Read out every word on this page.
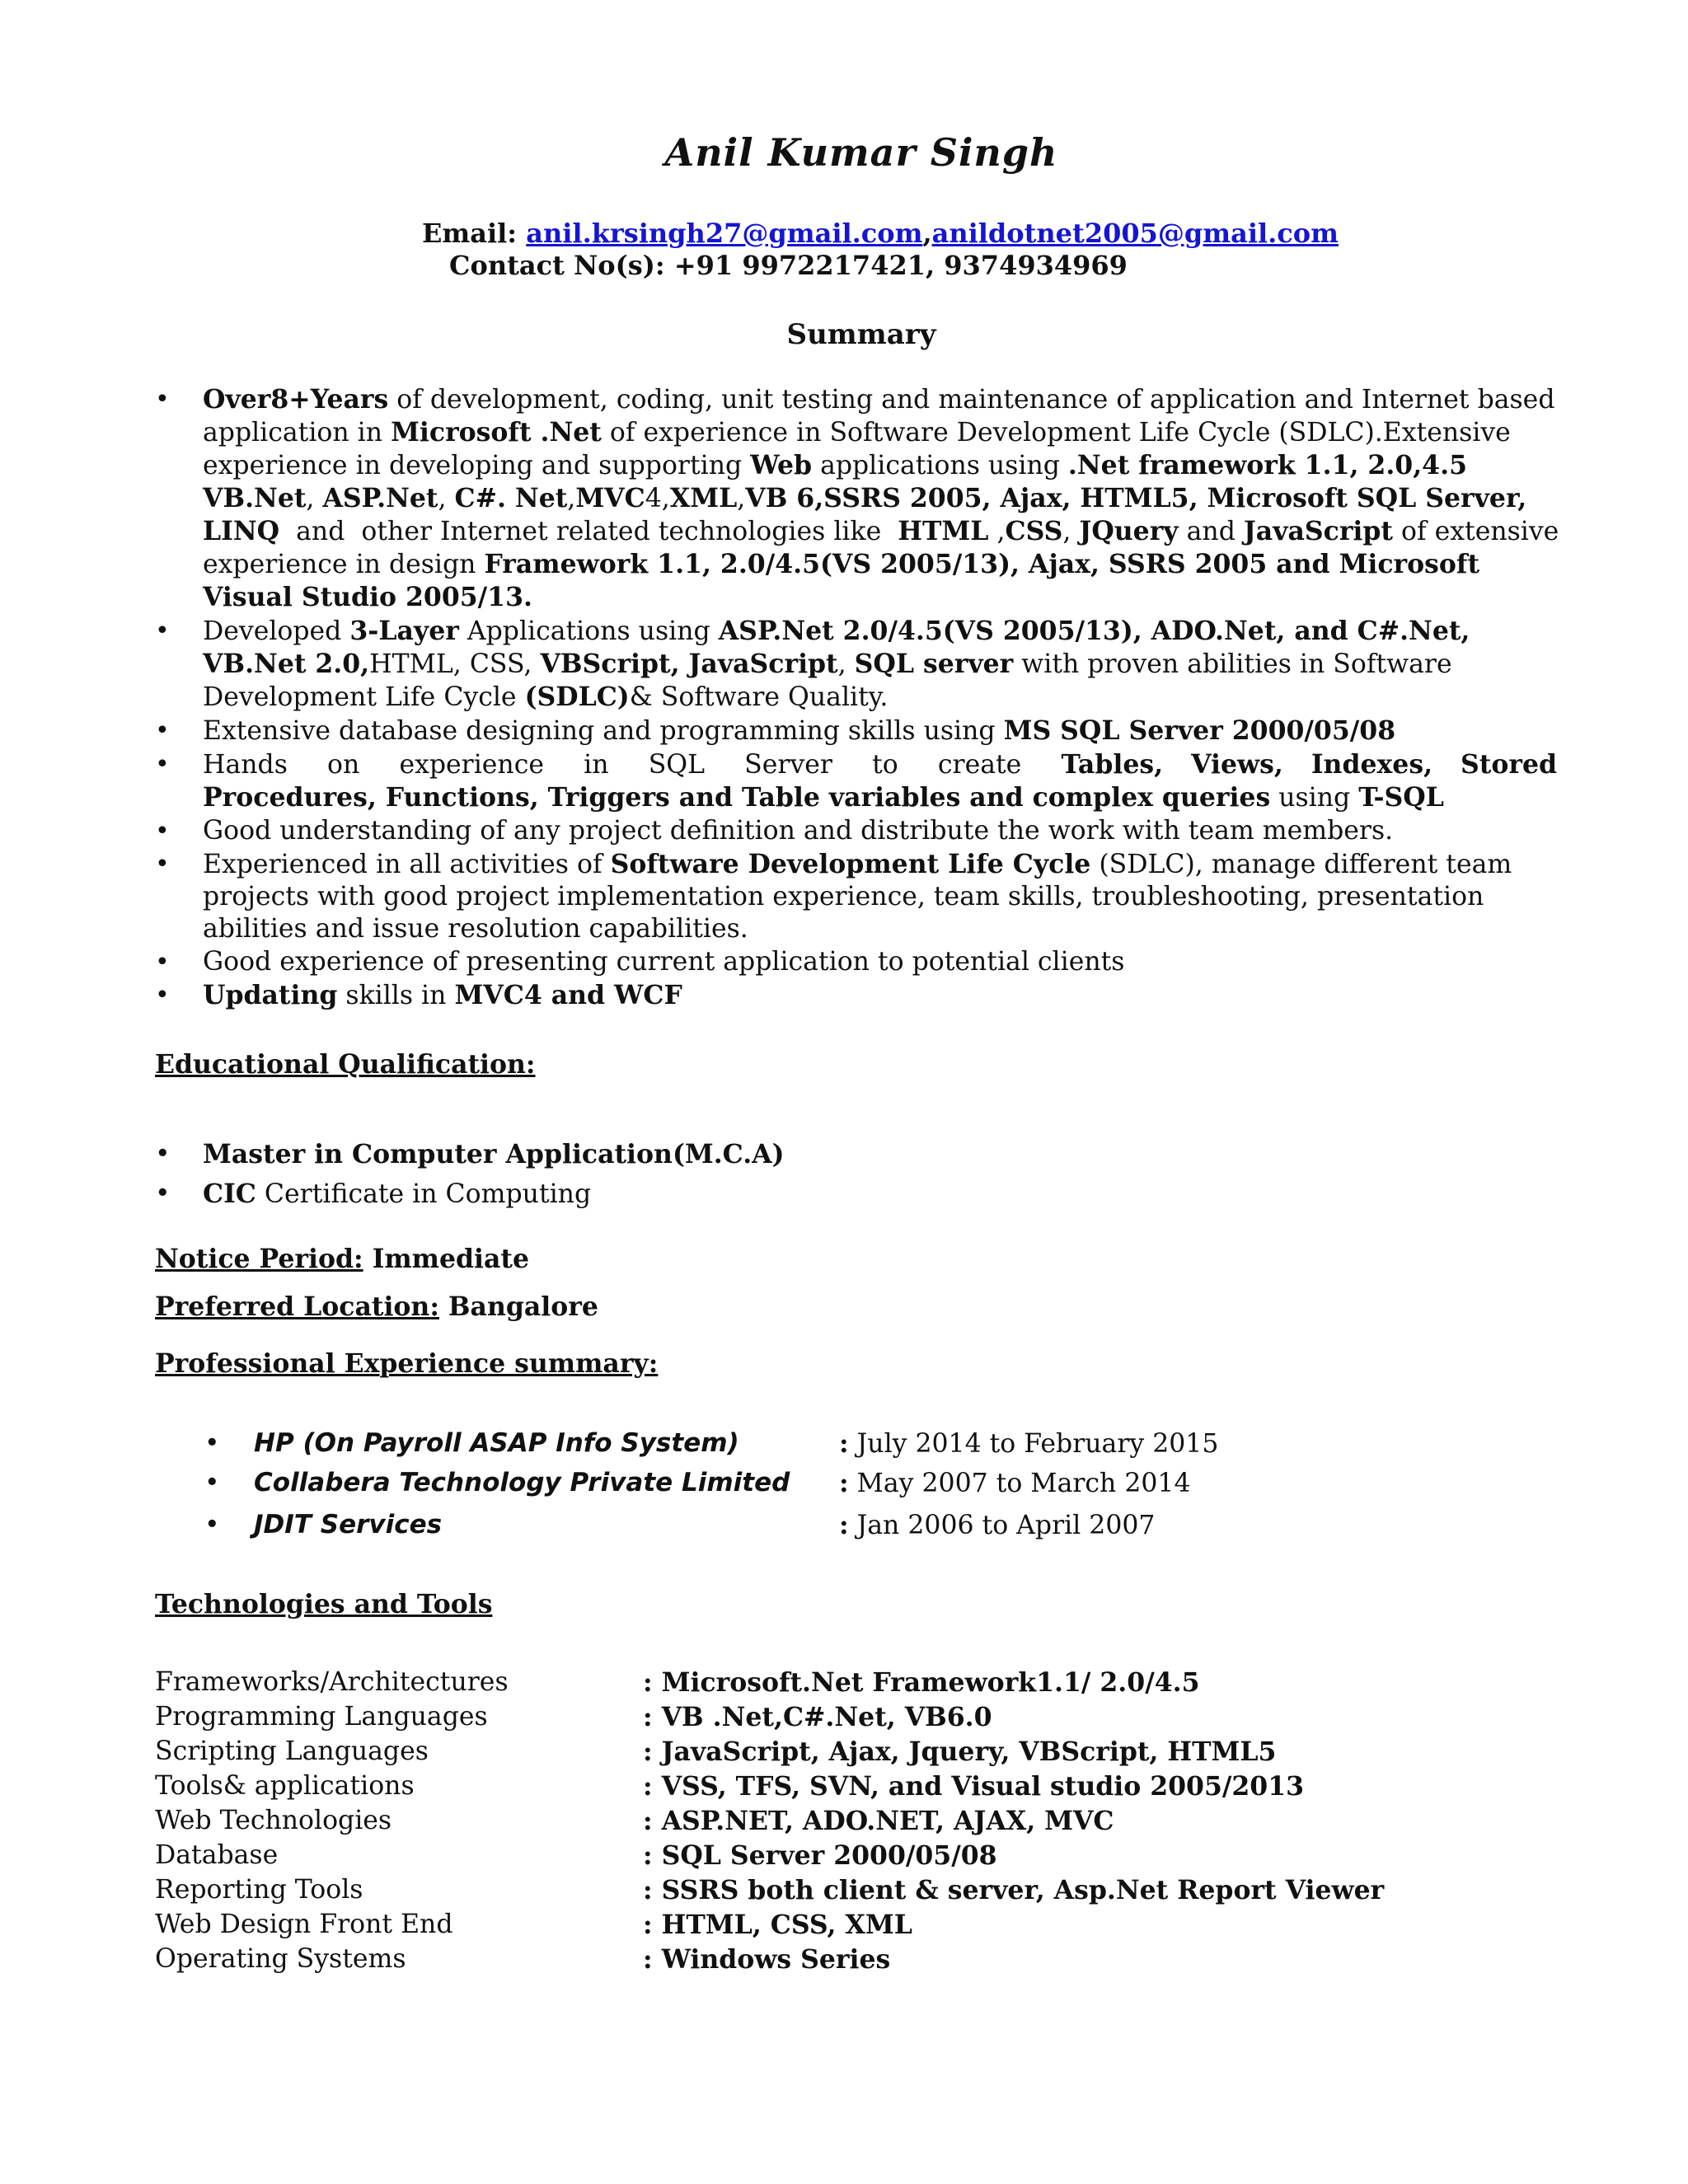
Anil Kumar Singh
Email: anil.krsingh27@gmail.com,anildotnet2005@gmail.com
Contact No(s): +91 9972217421, 9374934969
Summary
• Over8+Years of development, coding, unit testing and maintenance of application and Internet based application in Microsoft .Net of experience in Software Development Life Cycle (SDLC).Extensive experience in developing and supporting Web applications using .Net framework 1.1, 2.0,4.5 VB.Net, ASP.Net, C#. Net,MVC4,XML,VB 6,SSRS 2005, Ajax, HTML5, Microsoft SQL Server, LINQ  and  other Internet related technologies like  HTML ,CSS, JQuery and JavaScript of extensive experience in design Framework 1.1, 2.0/4.5(VS 2005/13), Ajax, SSRS 2005 and Microsoft Visual Studio 2005/13.
• Developed 3-Layer Applications using ASP.Net 2.0/4.5(VS 2005/13), ADO.Net, and C#.Net, VB.Net 2.0,HTML, CSS, VBScript, JavaScript, SQL server with proven abilities in Software Development Life Cycle (SDLC)& Software Quality.
• Extensive database designing and programming skills using MS SQL Server 2000/05/08
• Hands   on   experience   in   SQL   Server   to   create   Tables,  Views,  Indexes,  Stored  Procedures, Functions, Triggers and Table variables and complex queries using T-SQL
• Good understanding of any project definition and distribute the work with team members.
• Experienced in all activities of Software Development Life Cycle (SDLC), manage different team projects with good project implementation experience, team skills, troubleshooting, presentation abilities and issue resolution capabilities.
• Good experience of presenting current application to potential clients
• Updating skills in MVC4 and WCF
Educational Qualification:
• Master in Computer Application(M.C.A)
• CIC Certificate in Computing
Notice Period: Immediate
Preferred Location: Bangalore
Professional Experience summary:
• HP (On Payroll ASAP Info System)	: July 2014 to February 2015
• Collabera Technology Private Limited : May 2007 to March 2014
• JDIT Services	: Jan 2006 to April 2007
Technologies and Tools
Frameworks/Architectures	: Microsoft.Net Framework1.1/ 2.0/4.5
Programming Languages	: VB .Net,C#.Net, VB6.0
Scripting Languages	: JavaScript, Ajax, Jquery, VBScript, HTML5
Tools& applications	: VSS, TFS, SVN, and Visual studio 2005/2013
Web Technologies	: ASP.NET, ADO.NET, AJAX, MVC
Database	: SQL Server 2000/05/08
Reporting Tools	: SSRS both client & server, Asp.Net Report Viewer
Web Design Front End	: HTML, CSS, XML
Operating Systems	: Windows Series
